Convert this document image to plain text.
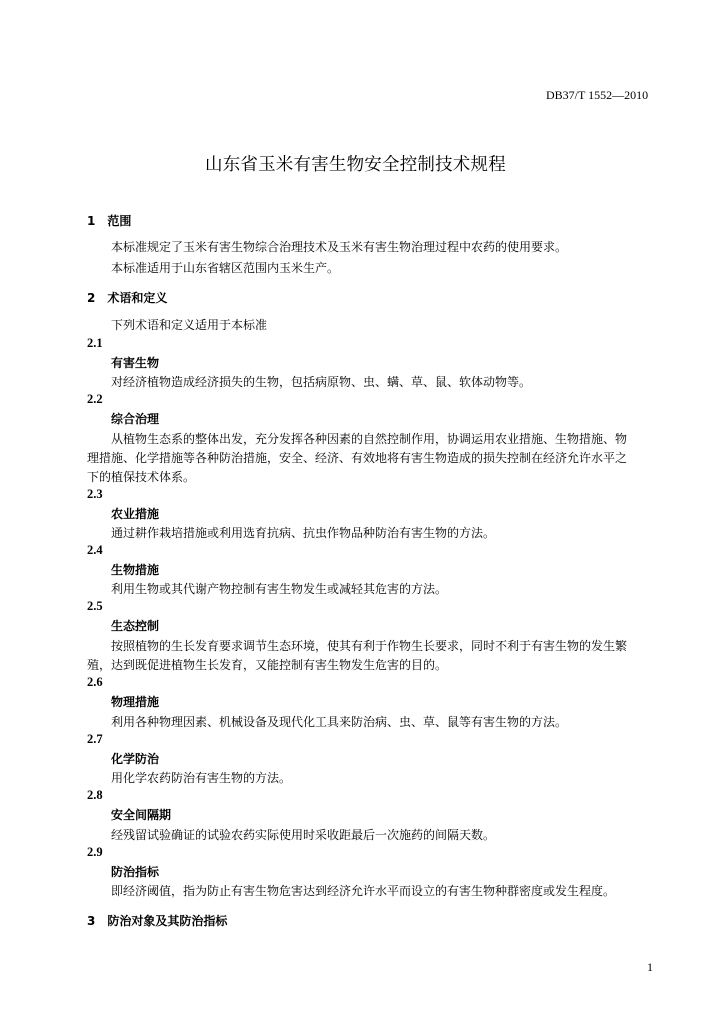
DB37/T 1552—2010
山东省玉米有害生物安全控制技术规程
1　范围
本标准规定了玉米有害生物综合治理技术及玉米有害生物治理过程中农药的使用要求。
本标准适用于山东省辖区范围内玉米生产。
2　术语和定义
下列术语和定义适用于本标准
2.1
有害生物
对经济植物造成经济损失的生物，包括病原物、虫、螨、草、鼠、软体动物等。
2.2
综合治理
从植物生态系的整体出发，充分发挥各种因素的自然控制作用，协调运用农业措施、生物措施、物
理措施、化学措施等各种防治措施，安全、经济、有效地将有害生物造成的损失控制在经济允许水平之
下的植保技术体系。
2.3
农业措施
通过耕作栽培措施或利用选育抗病、抗虫作物品种防治有害生物的方法。
2.4
生物措施
利用生物或其代谢产物控制有害生物发生或减轻其危害的方法。
2.5
生态控制
按照植物的生长发育要求调节生态环境，使其有利于作物生长要求，同时不利于有害生物的发生繁
殖，达到既促进植物生长发育，又能控制有害生物发生危害的目的。
2.6
物理措施
利用各种物理因素、机械设备及现代化工具来防治病、虫、草、鼠等有害生物的方法。
2.7
化学防治
用化学农药防治有害生物的方法。
2.8
安全间隔期
经残留试验确证的试验农药实际使用时采收距最后一次施药的间隔天数。
2.9
防治指标
即经济阈值，指为防止有害生物危害达到经济允许水平而设立的有害生物种群密度或发生程度。
3　防治对象及其防治指标
1
